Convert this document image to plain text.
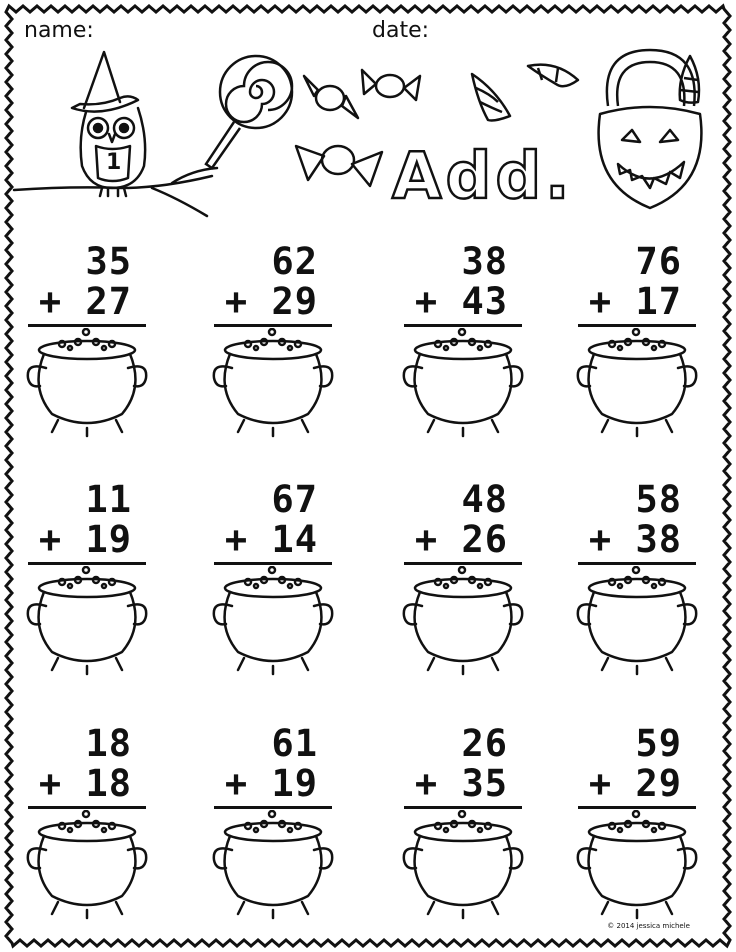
name:	date:
1	Add.
35
+ 27
62
+ 29
38
+ 43
76
+ 17
11
+ 19
67
+ 14
48
+ 26
58
+ 38
18
+ 18
61
+ 19
26
+ 35
59
+ 29
© 2014 jessica michele
